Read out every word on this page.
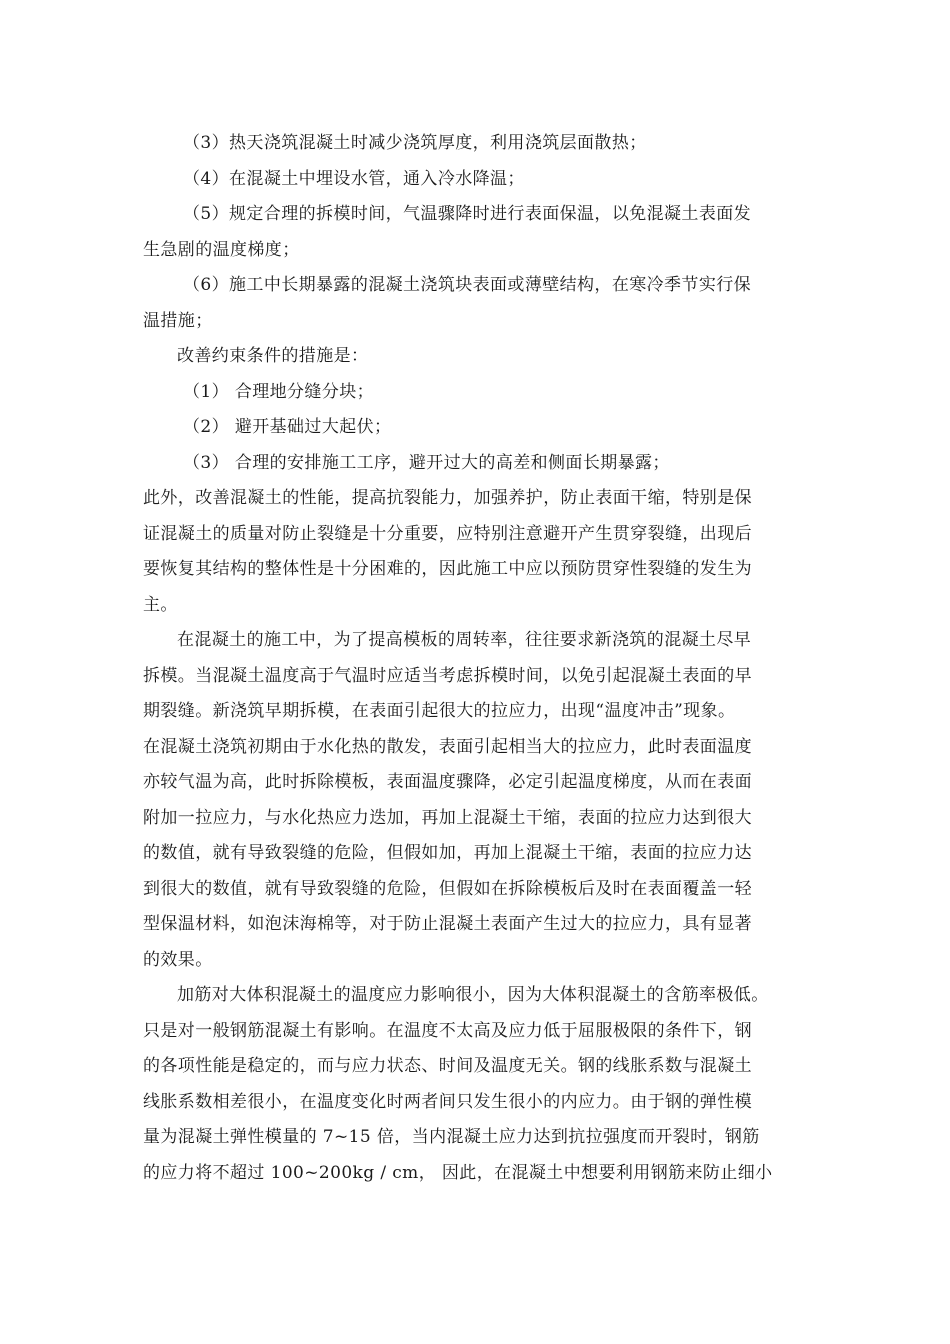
（3）热天浇筑混凝土时减少浇筑厚度，利用浇筑层面散热；
（4）在混凝土中埋设水管，通入冷水降温；
（5）规定合理的拆模时间，气温骤降时进行表面保温，以免混凝土表面发
生急剧的温度梯度；
（6）施工中长期暴露的混凝土浇筑块表面或薄壁结构，在寒冷季节实行保
温措施；
改善约束条件的措施是：
（1） 合理地分缝分块；
（2） 避开基础过大起伏；
（3） 合理的安排施工工序，避开过大的高差和侧面长期暴露；
此外，改善混凝土的性能，提高抗裂能力，加强养护，防止表面干缩，特别是保
证混凝土的质量对防止裂缝是十分重要，应特别注意避开产生贯穿裂缝，出现后
要恢复其结构的整体性是十分困难的，因此施工中应以预防贯穿性裂缝的发生为
主。
在混凝土的施工中，为了提高模板的周转率，往往要求新浇筑的混凝土尽早
拆模。当混凝土温度高于气温时应适当考虑拆模时间，以免引起混凝土表面的早
期裂缝。新浇筑早期拆模，在表面引起很大的拉应力，出现“温度冲击”现象。
在混凝土浇筑初期由于水化热的散发，表面引起相当大的拉应力，此时表面温度
亦较气温为高，此时拆除模板，表面温度骤降，必定引起温度梯度，从而在表面
附加一拉应力，与水化热应力迭加，再加上混凝土干缩，表面的拉应力达到很大
的数值，就有导致裂缝的危险，但假如加，再加上混凝土干缩，表面的拉应力达
到很大的数值，就有导致裂缝的危险，但假如在拆除模板后及时在表面覆盖一轻
型保温材料，如泡沫海棉等，对于防止混凝土表面产生过大的拉应力，具有显著
的效果。
加筋对大体积混凝土的温度应力影响很小，因为大体积混凝土的含筋率极低。
只是对一般钢筋混凝土有影响。在温度不太高及应力低于屈服极限的条件下，钢
的各项性能是稳定的，而与应力状态、时间及温度无关。钢的线胀系数与混凝土
线胀系数相差很小，在温度变化时两者间只发生很小的内应力。由于钢的弹性模
量为混凝土弹性模量的 7~15 倍，当内混凝土应力达到抗拉强度而开裂时，钢筋
的应力将不超过 100~200kg / cm， 因此，在混凝土中想要利用钢筋来防止细小
